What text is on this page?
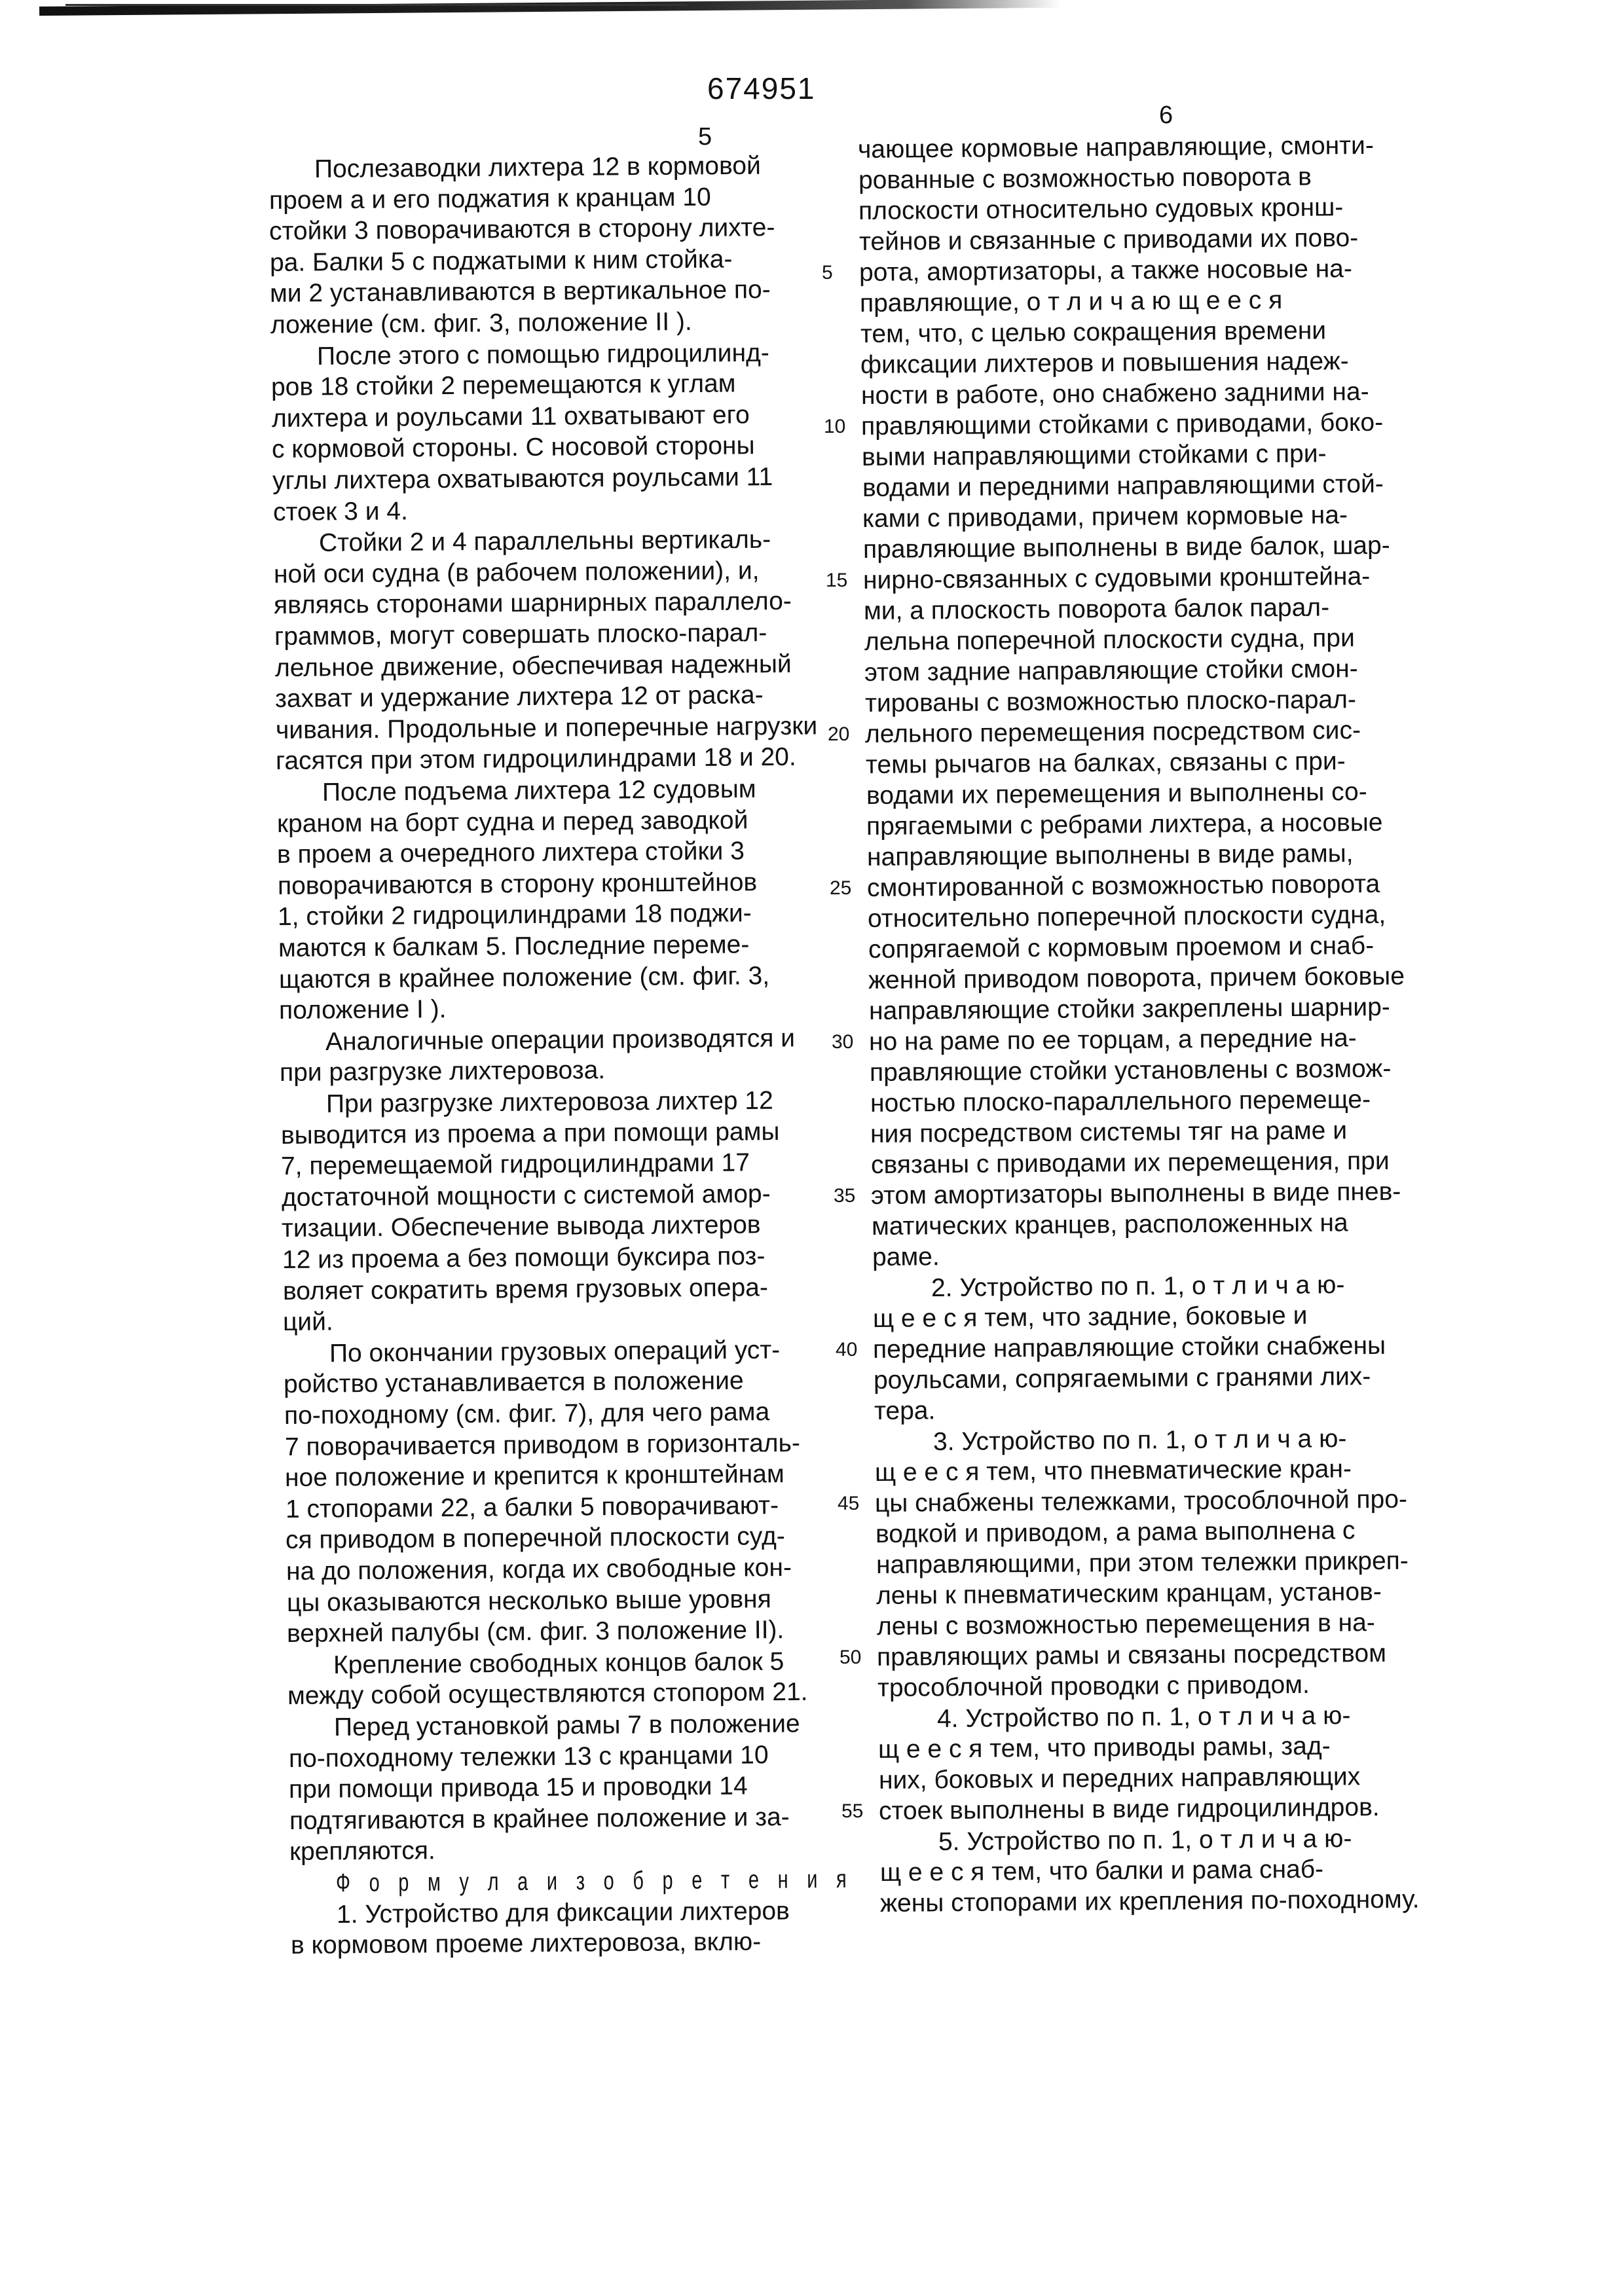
674951
5
6
Послезаводки лихтера 12 в кормовой
проем а и его поджатия к кранцам 10
стойки 3 поворачиваются в сторону лихте-
ра. Балки 5 с поджатыми к ним стойка-
ми 2 устанавливаются в вертикальное по-
ложение (см. фиг. 3, положение II ).
После этого с помощью гидроцилинд-
ров 18 стойки 2 перемещаются к углам
лихтера и роульсами 11 охватывают его
с кормовой стороны. С носовой стороны
углы лихтера охватываются роульсами 11
стоек 3 и 4.
Стойки 2 и 4 параллельны вертикаль-
ной оси судна (в рабочем положении), и,
являясь сторонами шарнирных параллело-
граммов, могут совершать плоско-парал-
лельное движение, обеспечивая надежный
захват и удержание лихтера 12 от раска-
чивания. Продольные и поперечные нагрузки
гасятся при этом гидроцилиндрами 18 и 20.
После подъема лихтера 12 судовым
краном на борт судна и перед заводкой
в проем а очередного лихтера стойки 3
поворачиваются в сторону кронштейнов
1, стойки 2 гидроцилиндрами 18 поджи-
маются к балкам 5. Последние переме-
щаются в крайнее положение (см. фиг. 3,
положение I ).
Аналогичные операции производятся и
при разгрузке лихтеровоза.
При разгрузке лихтеровоза лихтер 12
выводится из проема а при помощи рамы
7, перемещаемой гидроцилиндрами 17
достаточной мощности с системой амор-
тизации. Обеспечение вывода лихтеров
12 из проема а без помощи буксира поз-
воляет сократить время грузовых опера-
ций.
По окончании грузовых операций уст-
ройство устанавливается в положение
по-походному (см. фиг. 7), для чего рама
7 поворачивается приводом в горизонталь-
ное положение и крепится к кронштейнам
1 стопорами 22, а балки 5 поворачивают-
ся приводом в поперечной плоскости суд-
на до положения, когда их свободные кон-
цы оказываются несколько выше уровня
верхней палубы (см. фиг. 3 положение II).
Крепление свободных концов балок 5
между собой осуществляются стопором 21.
Перед установкой рамы 7 в положение
по-походному тележки 13 с кранцами 10
при помощи привода 15 и проводки 14
подтягиваются в крайнее положение и за-
крепляются.
Ф о р м у л а и з о б р е т е н и я
1. Устройство для фиксации лихтеров
в кормовом проеме лихтеровоза, вклю-
чающее кормовые направляющие, смонти-
рованные с возможностью поворота в
плоскости относительно судовых кронш-
тейнов и связанные с приводами их пово-
рота, амортизаторы, а также носовые на-
правляющие, о т л и ч а ю щ е е с я
тем, что, с целью сокращения времени
фиксации лихтеров и повышения надеж-
ности в работе, оно снабжено задними на-
правляющими стойками с приводами, боко-
выми направляющими стойками с при-
водами и передними направляющими стой-
ками с приводами, причем кормовые на-
правляющие выполнены в виде балок, шар-
нирно-связанных с судовыми кронштейна-
ми, а плоскость поворота балок парал-
лельна поперечной плоскости судна, при
этом задние направляющие стойки смон-
тированы с возможностью плоско-парал-
лельного перемещения посредством сис-
темы рычагов на балках, связаны с при-
водами их перемещения и выполнены со-
прягаемыми с ребрами лихтера, а носовые
направляющие выполнены в виде рамы,
смонтированной с возможностью поворота
относительно поперечной плоскости судна,
сопрягаемой с кормовым проемом и снаб-
женной приводом поворота, причем боковые
направляющие стойки закреплены шарнир-
но на раме по ее торцам, а передние на-
правляющие стойки установлены с возмож-
ностью плоско-параллельного перемеще-
ния посредством системы тяг на раме и
связаны с приводами их перемещения, при
этом амортизаторы выполнены в виде пнев-
матических кранцев, расположенных на
раме.
2. Устройство по п. 1, о т л и ч а ю-
щ е е с я тем, что задние, боковые и
передние направляющие стойки снабжены
роульсами, сопрягаемыми с гранями лих-
тера.
3. Устройство по п. 1, о т л и ч а ю-
щ е е с я тем, что пневматические кран-
цы снабжены тележками, трособлочной про-
водкой и приводом, а рама выполнена с
направляющими, при этом тележки прикреп-
лены к пневматическим кранцам, установ-
лены с возможностью перемещения в на-
правляющих рамы и связаны посредством
трособлочной проводки с приводом.
4. Устройство по п. 1, о т л и ч а ю-
щ е е с я тем, что приводы рамы, зад-
них, боковых и передних направляющих
стоек выполнены в виде гидроцилиндров.
5. Устройство по п. 1, о т л и ч а ю-
щ е е с я тем, что балки и рама снаб-
жены стопорами их крепления по-походному.
5
10
15
20
25
30
35
40
45
50
55
